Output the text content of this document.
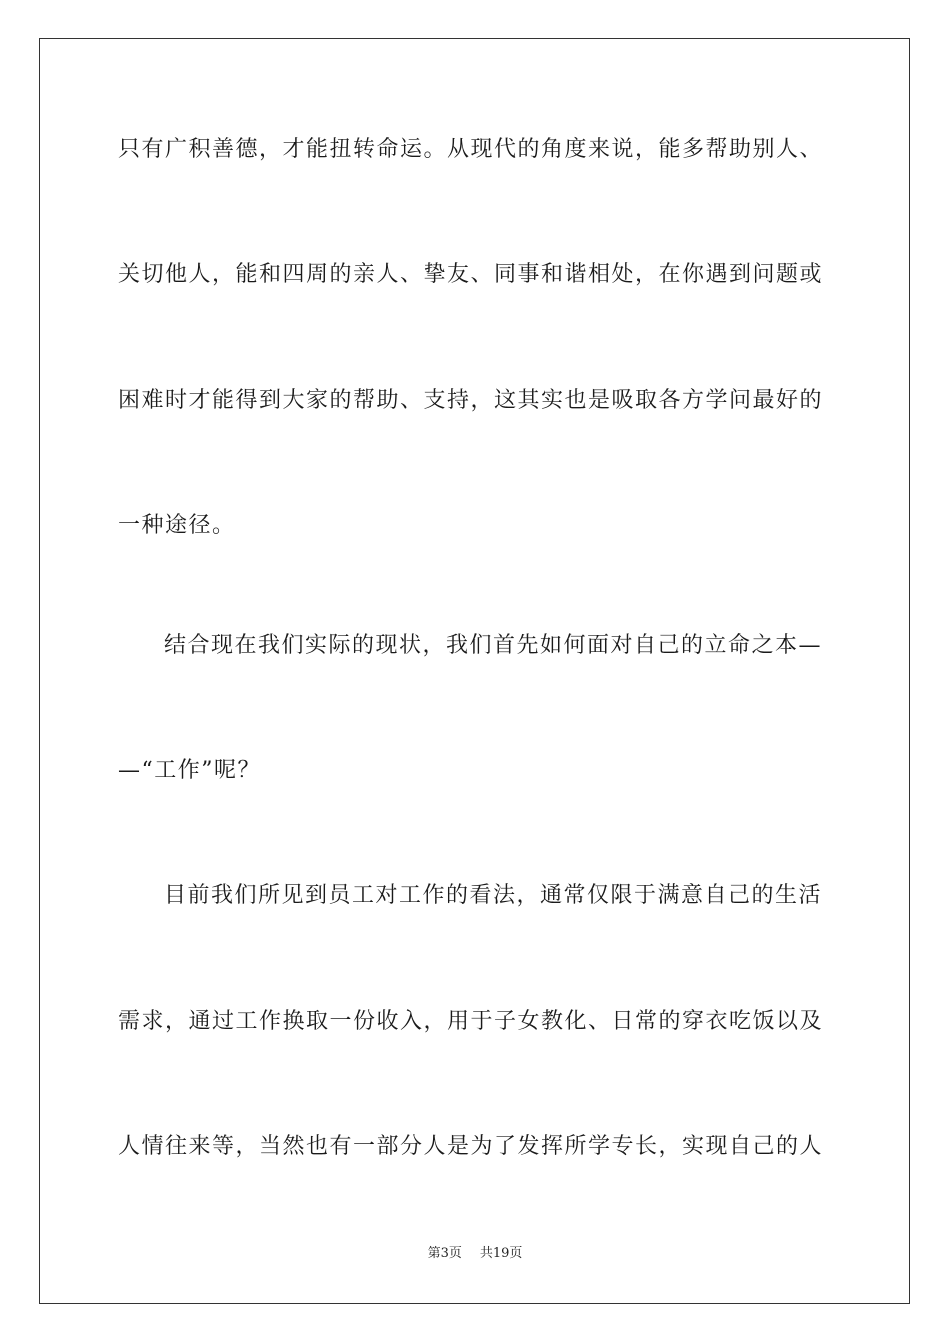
只有广积善德，才能扭转命运。从现代的角度来说，能多帮助别人、
关切他人，能和四周的亲人、挚友、同事和谐相处，在你遇到问题或
困难时才能得到大家的帮助、支持，这其实也是吸取各方学问最好的
一种途径。
结合现在我们实际的现状，我们首先如何面对自己的立命之本—
—“工作”呢？
目前我们所见到员工对工作的看法，通常仅限于满意自己的生活
需求，通过工作换取一份收入，用于子女教化、日常的穿衣吃饭以及
人情往来等，当然也有一部分人是为了发挥所学专长，实现自己的人
第3页 共19页
